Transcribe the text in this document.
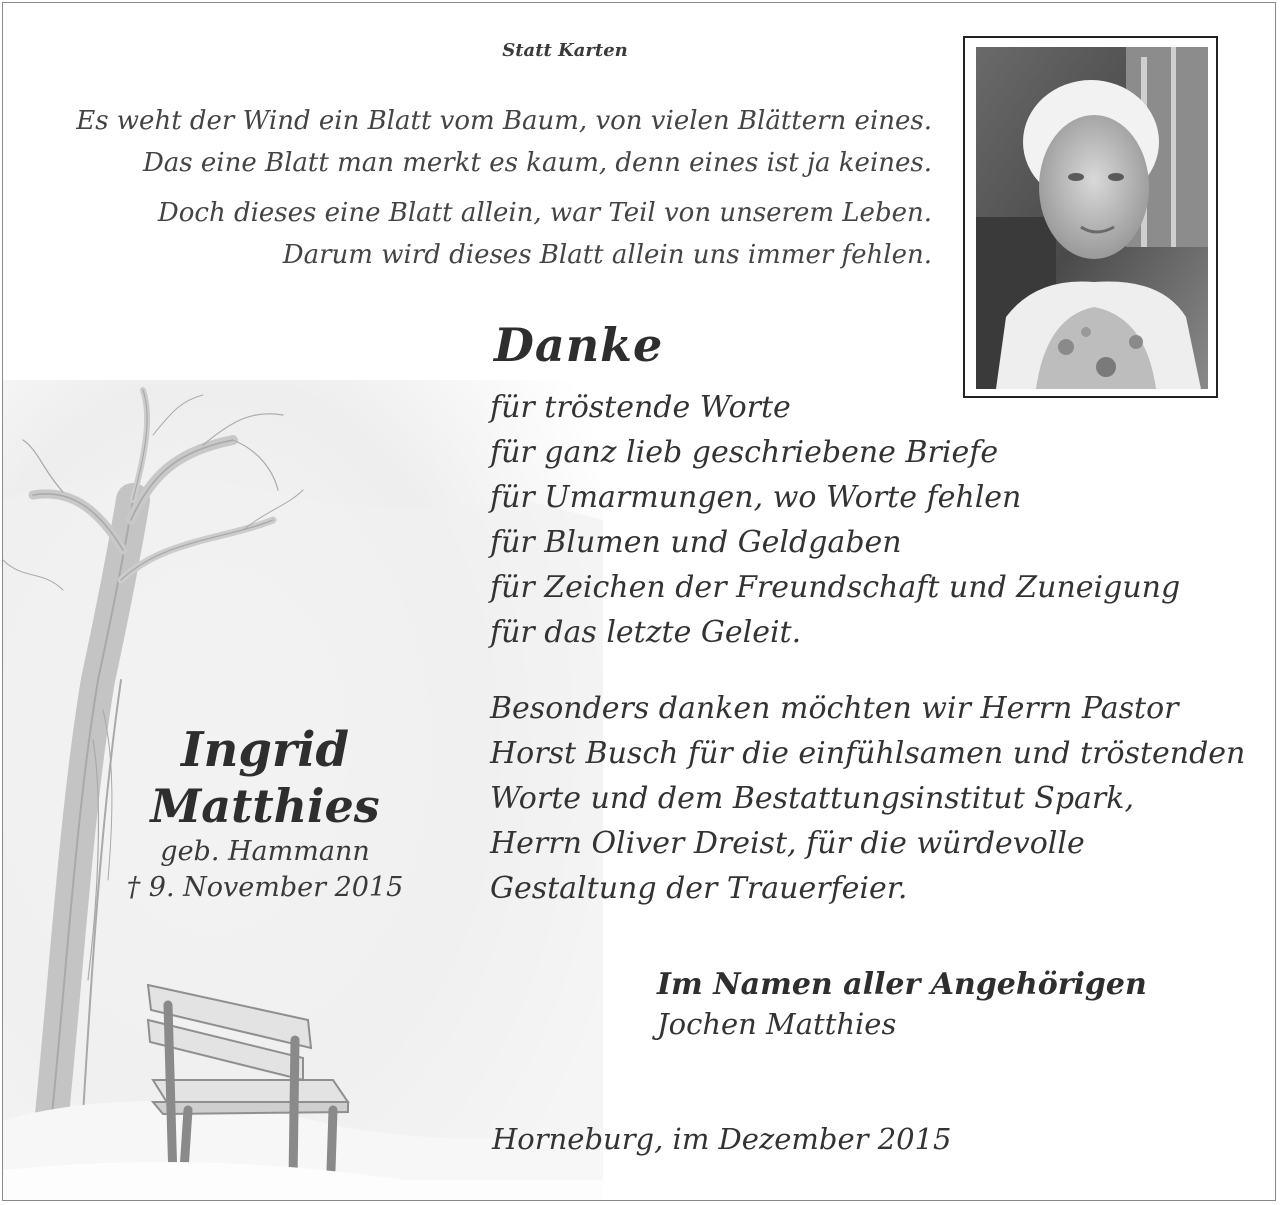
Statt Karten
Es weht der Wind ein Blatt vom Baum, von vielen Blättern eines.
Das eine Blatt man merkt es kaum, denn eines ist ja keines.
Doch dieses eine Blatt allein, war Teil von unserem Leben.
Darum wird dieses Blatt allein uns immer fehlen.
Danke
für tröstende Worte
für ganz lieb geschriebene Briefe
für Umarmungen, wo Worte fehlen
für Blumen und Geldgaben
für Zeichen der Freundschaft und Zuneigung
für das letzte Geleit.
Besonders danken möchten wir Herrn Pastor
Horst Busch für die einfühlsamen und tröstenden
Worte und dem Bestattungsinstitut Spark,
Herrn Oliver Dreist, für die würdevolle
Gestaltung der Trauerfeier.
Ingrid
Matthies
geb. Hammann
† 9. November 2015
Im Namen aller Angehörigen
Jochen Matthies
Horneburg, im Dezember 2015
